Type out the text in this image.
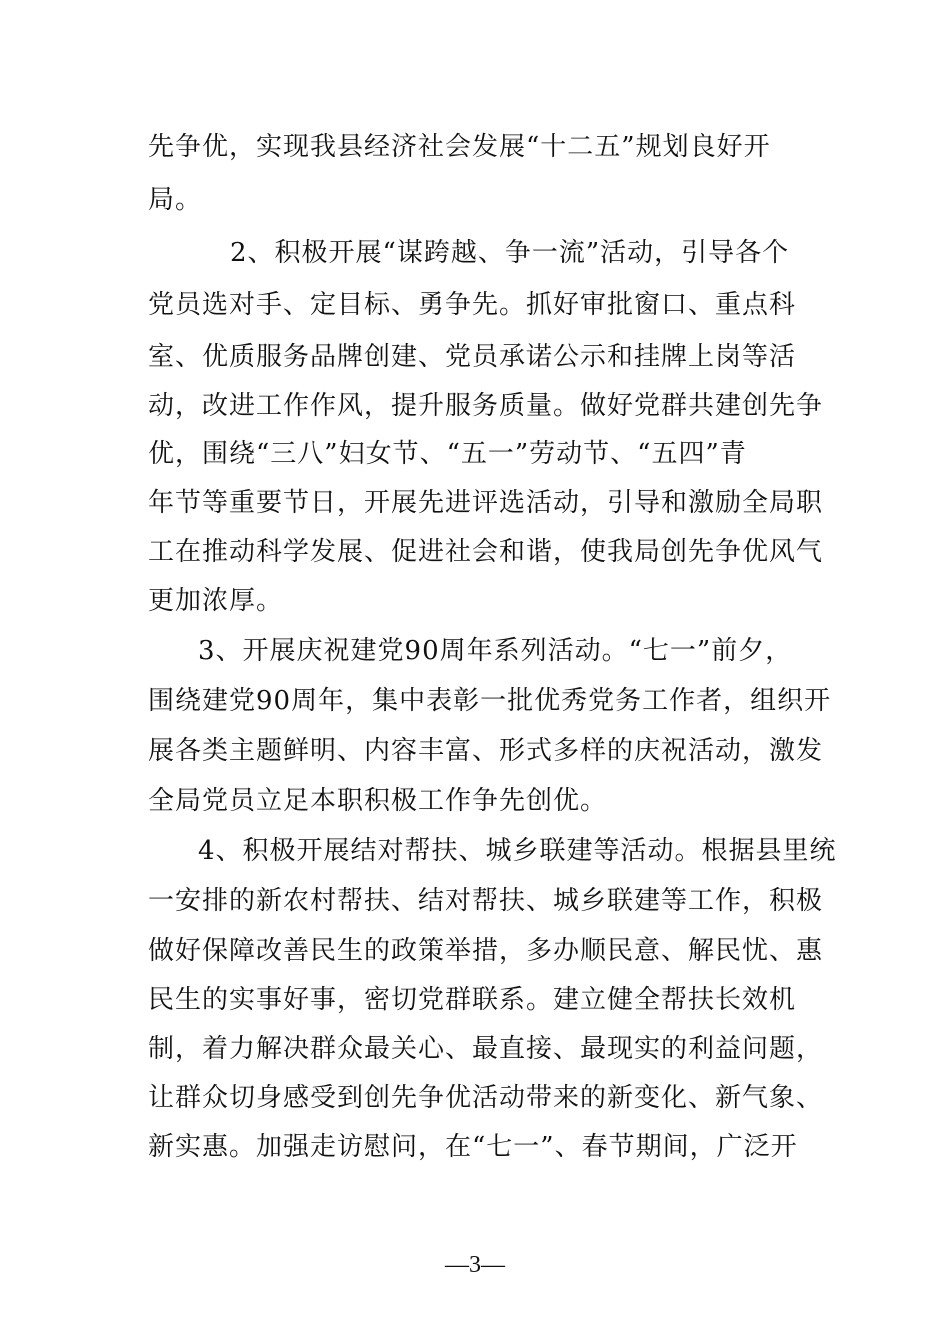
先争优，实现我县经济社会发展“十二五”规划良好开
局。
2、积极开展“谋跨越、争一流”活动，引导各个
党员选对手、定目标、勇争先。抓好审批窗口、重点科
室、优质服务品牌创建、党员承诺公示和挂牌上岗等活
动，改进工作作风，提升服务质量。做好党群共建创先争
优，围绕“三八”妇女节、“五一”劳动节、“五四”青
年节等重要节日，开展先进评选活动，引导和激励全局职
工在推动科学发展、促进社会和谐，使我局创先争优风气
更加浓厚。
3、开展庆祝建党90周年系列活动。“七一”前夕，
围绕建党90周年，集中表彰一批优秀党务工作者，组织开
展各类主题鲜明、内容丰富、形式多样的庆祝活动，激发
全局党员立足本职积极工作争先创优。
4、积极开展结对帮扶、城乡联建等活动。根据县里统
一安排的新农村帮扶、结对帮扶、城乡联建等工作，积极
做好保障改善民生的政策举措，多办顺民意、解民忧、惠
民生的实事好事，密切党群联系。建立健全帮扶长效机
制，着力解决群众最关心、最直接、最现实的利益问题，
让群众切身感受到创先争优活动带来的新变化、新气象、
新实惠。加强走访慰问，在“七一”、春节期间，广泛开
—3—
